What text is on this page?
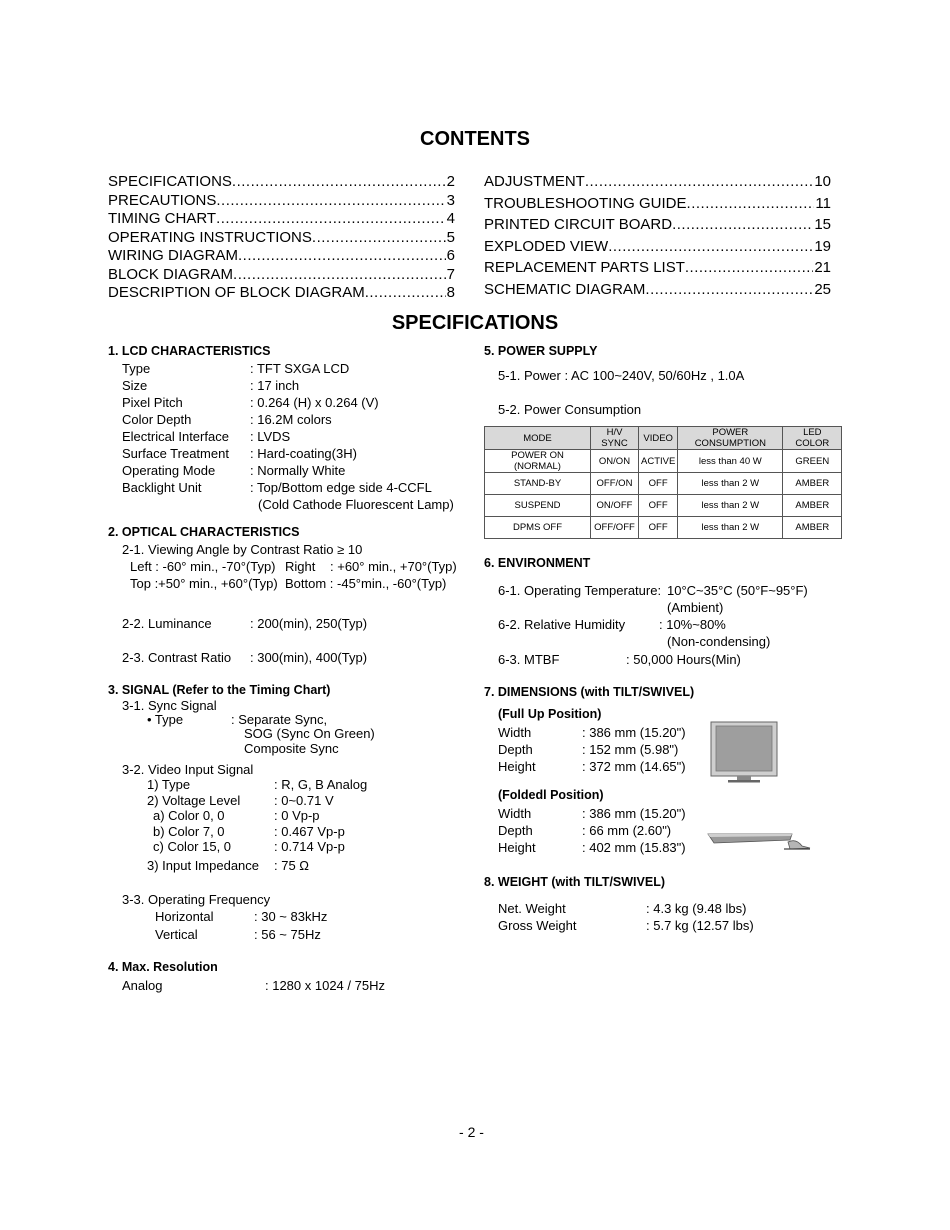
CONTENTS
SPECIFICATIONS .....	2
PRECAUTIONS .....	3
TIMING CHART .....	4
OPERATING INSTRUCTIONS .....	5
WIRING DIAGRAM .....	6
BLOCK DIAGRAM .....	7
DESCRIPTION OF BLOCK DIAGRAM .....	8
ADJUSTMENT .....	10
TROUBLESHOOTING GUIDE .....	11
PRINTED CIRCUIT BOARD .....	15
EXPLODED VIEW .....	19
REPLACEMENT PARTS LIST .....	21
SCHEMATIC DIAGRAM .....	25
SPECIFICATIONS
1. LCD CHARACTERISTICS
Type	: TFT SXGA LCD
Size	: 17 inch
Pixel Pitch	: 0.264 (H) x 0.264 (V)
Color Depth	: 16.2M colors
Electrical Interface	: LVDS
Surface Treatment	: Hard-coating(3H)
Operating Mode	: Normally White
Backlight Unit	: Top/Bottom edge side 4-CCFL
(Cold Cathode Fluorescent Lamp)
2. OPTICAL CHARACTERISTICS
2-1. Viewing Angle by Contrast Ratio ≥ 10
Left : -60° min., -70°(Typ) Right : +60° min., +70°(Typ)
Top :+50° min., +60°(Typ) Bottom : -45°min., -60°(Typ)
2-2. Luminance	: 200(min), 250(Typ)
2-3. Contrast Ratio : 300(min), 400(Typ)
3. SIGNAL (Refer to the Timing Chart)
3-1. Sync Signal
• Type	: Separate Sync,
SOG (Sync On Green)
Composite Sync
3-2. Video Input Signal
1) Type	: R, G, B Analog
2) Voltage Level	: 0~0.71 V
a) Color 0, 0	: 0 Vp-p
b) Color 7, 0	: 0.467 Vp-p
c) Color 15, 0	: 0.714 Vp-p
3) Input Impedance	: 75 Ω
3-3. Operating Frequency
Horizontal	: 30 ~ 83kHz
Vertical	: 56 ~ 75Hz
4. Max. Resolution
Analog	: 1280 x 1024 / 75Hz
5. POWER SUPPLY
5-1. Power : AC 100~240V, 50/60Hz , 1.0A
5-2. Power Consumption
MODE	H/V SYNC	VIDEO	POWER CONSUMPTION	LED COLOR
POWER ON (NORMAL)	ON/ON	ACTIVE	less than 40 W	GREEN
STAND-BY	OFF/ON	OFF	less than 2 W	AMBER
SUSPEND	ON/OFF	OFF	less than 2 W	AMBER
DPMS OFF	OFF/OFF	OFF	less than 2 W	AMBER
6. ENVIRONMENT
6-1. Operating Temperature: 10°C~35°C (50°F~95°F)
(Ambient)
6-2. Relative Humidity	: 10%~80%
(Non-condensing)
6-3. MTBF	: 50,000 Hours(Min)
7. DIMENSIONS (with TILT/SWIVEL)
(Full Up Position)
Width	: 386 mm (15.20")
Depth	: 152 mm (5.98")
Height	: 372 mm (14.65")
(Foldedl Position)
Width	: 386 mm (15.20")
Depth	: 66 mm (2.60")
Height	: 402 mm (15.83")
8. WEIGHT (with TILT/SWIVEL)
Net. Weight	: 4.3 kg (9.48 lbs)
Gross Weight	: 5.7 kg (12.57 lbs)
- 2 -
